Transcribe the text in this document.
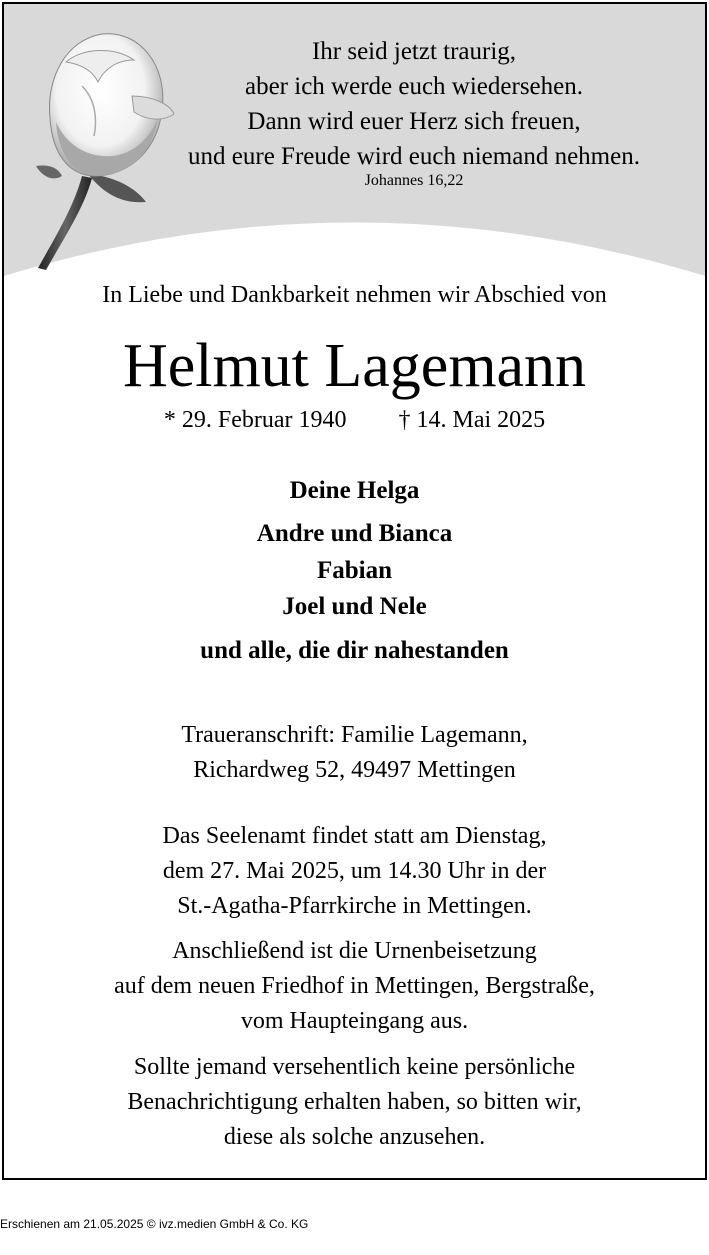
Ihr seid jetzt traurig,
aber ich werde euch wiedersehen.
Dann wird euer Herz sich freuen,
und eure Freude wird euch niemand nehmen.
Johannes 16,22
In Liebe und Dankbarkeit nehmen wir Abschied von
Helmut Lagemann
* 29. Februar 1940 † 14. Mai 2025
Deine Helga
Andre und Bianca
Fabian
Joel und Nele
und alle, die dir nahestanden
Traueranschrift: Familie Lagemann,
Richardweg 52, 49497 Mettingen
Das Seelenamt findet statt am Dienstag,
dem 27. Mai 2025, um 14.30 Uhr in der
St.-Agatha-Pfarrkirche in Mettingen.
Anschließend ist die Urnenbeisetzung
auf dem neuen Friedhof in Mettingen, Bergstraße,
vom Haupteingang aus.
Sollte jemand versehentlich keine persönliche
Benachrichtigung erhalten haben, so bitten wir,
diese als solche anzusehen.
Erschienen am 21.05.2025 © ivz.medien GmbH & Co. KG
